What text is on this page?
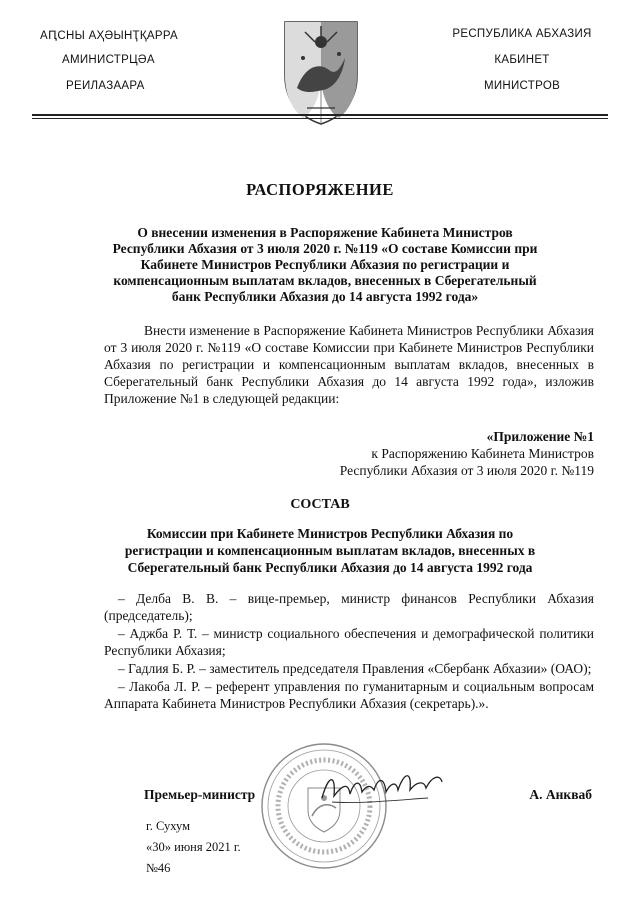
АԤСНЫ АҲӘЫНҬҚАРРА
АМИНИСТРЦӘА
РЕИЛАЗААРА
РЕСПУБЛИКА АБХАЗИЯ
КАБИНЕТ
МИНИСТРОВ
РАСПОРЯЖЕНИЕ
О внесении изменения в Распоряжение Кабинета Министров Республики Абхазия от 3 июля 2020 г. №119 «О составе Комиссии при Кабинете Министров Республики Абхазия по регистрации и компенсационным выплатам вкладов, внесенных в Сберегательный банк Республики Абхазия до 14 августа 1992 года»

Внести изменение в Распоряжение Кабинета Министров Республики Абхазия от 3 июля 2020 г. №119 «О составе Комиссии при Кабинете Министров Республики Абхазия по регистрации и компенсационным выплатам вкладов, внесенных в Сберегательный банк Республики Абхазия до 14 августа 1992 года», изложив Приложение №1 в следующей редакции:

«Приложение №1
к Распоряжению Кабинета Министров
Республики Абхазия от 3 июля 2020 г. №119
СОСТАВ
Комиссии при Кабинете Министров Республики Абхазия по регистрации и компенсационным выплатам вкладов, внесенных в Сберегательный банк Республики Абхазия до 14 августа 1992 года

– Делба В. В. – вице-премьер, министр финансов Республики Абхазия (председатель);

– Аджба Р. Т. – министр социального обеспечения и демографической политики Республики Абхазия;

– Гадлия Б. Р. – заместитель председателя Правления «Сбербанк Абхазии» (ОАО);

– Лакоба Л. Р. – референт управления по гуманитарным и социальным вопросам Аппарата Кабинета Министров Республики Абхазия (секретарь).».

Премьер-министр	А. Анкваб
г. Сухум
«30» июня 2021 г.
№46
